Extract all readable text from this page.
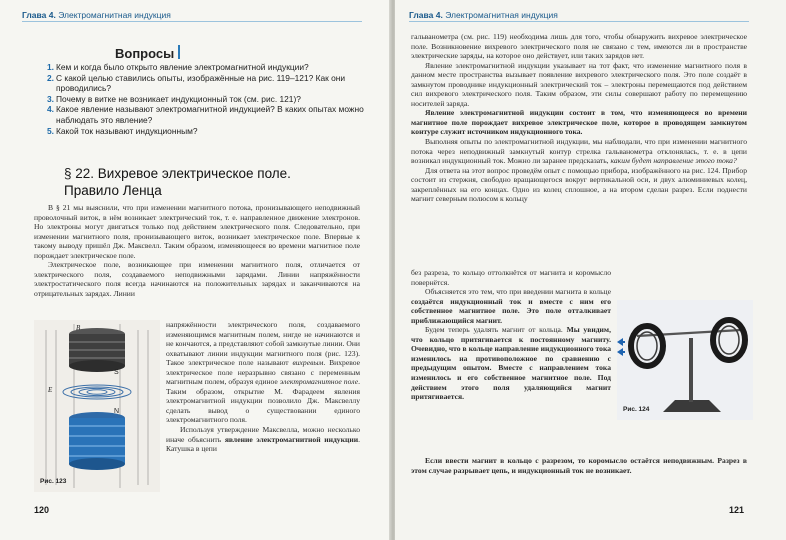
Глава 4. Электромагнитная индукция
Вопросы
1. Кем и когда было открыто явление электромагнитной индукции?
2. С какой целью ставились опыты, изображённые на рис. 119–121? Как они проводились?
3. Почему в витке не возникает индукционный ток (см. рис. 121)?
4. Какое явление называют электромагнитной индукцией? В каких опытах можно наблюдать это явление?
5. Какой ток называют индукционным?
§ 22. Вихревое электрическое поле. Правило Ленца

В § 21 мы выяснили, что при изменении магнитного потока, пронизывающего неподвижный проволочный виток, в нём возникает электрический ток, т. е. направленное движение электронов. Но электроны могут двигаться только под действием электрического поля. Следовательно, при изменении магнитного поля, пронизывающего виток, возникает электрическое поле. Впервые к такому выводу пришёл Дж. Максвелл. Таким образом, изменяющееся во времени магнитное поле порождает электрическое поле.

Электрическое поле, возникающее при изменении магнитного поля, отличается от электрического поля, создаваемого неподвижными зарядами. Линии напряжённости электростатического поля всегда начинаются на положительных зарядах и заканчиваются на отрицательных зарядах. Линии

S
N
E⃗
B⃗
Рис. 123

напряжённости электрического поля, создаваемого изменяющимся магнитным полем, нигде не начинаются и не кончаются, а представляют собой замкнутые линии. Они охватывают линии индукции магнитного поля (рис. 123). Такое электрическое поле называют вихревым. Вихревое электрическое поле неразрывно связано с переменным магнитным полем, образуя единое электромагнитное поле. Таким образом, открытие М. Фарадеем явления электромагнитной индукции позволило Дж. Максвеллу сделать вывод о существовании единого электромагнитного поля.

Используя утверждение Максвелла, можно несколько иначе объяснить явление электромагнитной индукции. Катушка в цепи

120
Глава 4. Электромагнитная индукция

гальванометра (см. рис. 119) необходима лишь для того, чтобы обнаружить вихревое электрическое поле. Возникновение вихревого электрического поля не связано с тем, имеются ли в пространстве электрические заряды, на которое оно действует, или таких зарядов нет.

Явление электромагнитной индукции указывает на тот факт, что изменение магнитного поля в данном месте пространства вызывает появление вихревого электрического поля. Это поле создаёт в замкнутом проводнике индукционный электрический ток – электроны перемещаются под действием сил вихревого электрического поля. Таким образом, эти силы совершают работу по перемещению носителей заряда.

Явление электромагнитной индукции состоит в том, что изменяющееся во времени магнитное поле порождает вихревое электрическое поле, которое в проводящем замкнутом контуре служит источником индукционного тока.

Выполняя опыты по электромагнитной индукции, мы наблюдали, что при изменении магнитного потока через неподвижный замкнутый контур стрелка гальванометра отклонялась, т. е. в цепи возникал индукционный ток. Можно ли заранее предсказать, каким будет направление этого тока?

Для ответа на этот вопрос проведём опыт с помощью прибора, изображённого на рис. 124. Прибор состоит из стержня, свободно вращающегося вокруг вертикальной оси, и двух алюминиевых колец, закреплённых на его концах. Одно из колец сплошное, а на втором сделан разрез. Если поднести магнит северным полюсом к кольцу

без разреза, то кольцо оттолкнётся от магнита и коромысло повернётся.

Объясняется это тем, что при введении магнита в кольце создаётся индукционный ток и вместе с ним его собственное магнитное поле. Это поле отталкивает приближающийся магнит.

Будем теперь удалять магнит от кольца. Мы увидим, что кольцо притягивается к постоянному магниту. Очевидно, что в кольце направление индукционного тока изменилось на противоположное по сравнению с предыдущим опытом. Вместе с направлением тока изменилось и его собственное магнитное поле. Под действием этого поля удаляющийся магнит притягивается.

Рис. 124

Если ввести магнит в кольцо с разрезом, то коромысло остаётся неподвижным. Разрез в этом случае разрывает цепь, и индукционный ток не возникает.

121
